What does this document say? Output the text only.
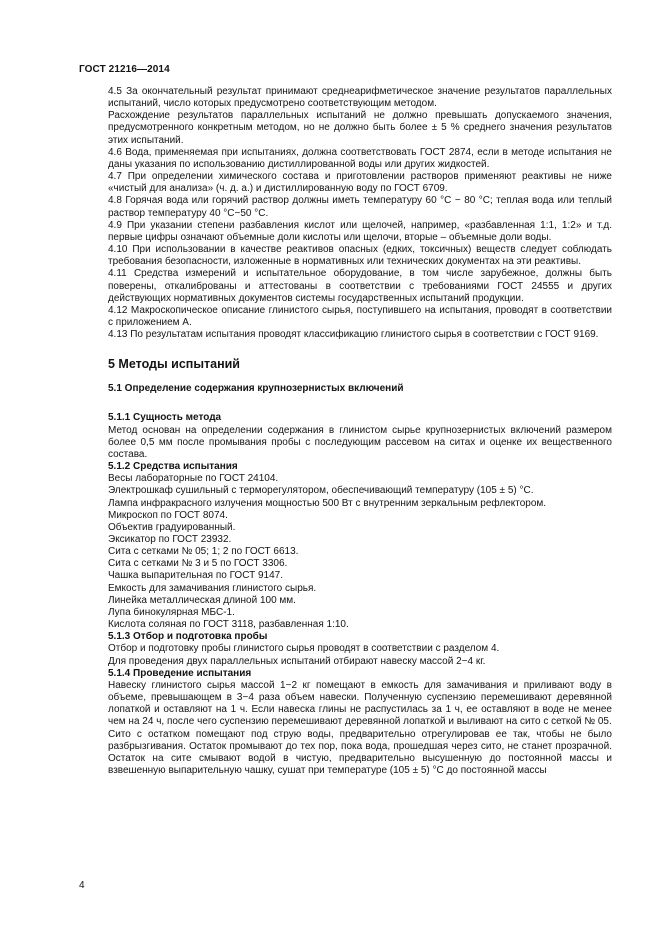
ГОСТ 21216—2014

4.5 За окончательный результат принимают среднеарифметическое значение результатов параллельных испытаний, число которых предусмотрено соответствующим методом.

Расхождение результатов параллельных испытаний не должно превышать допускаемого значения, предусмотренного конкретным методом, но не должно быть более ± 5 % среднего значения результатов этих испытаний.

4.6 Вода, применяемая при испытаниях, должна соответствовать ГОСТ 2874, если в методе испытания не даны указания по использованию дистиллированной воды или других жидкостей.

4.7 При определении химического состава и приготовлении растворов применяют реактивы не ниже «чистый для анализа» (ч. д. а.) и дистиллированную воду по ГОСТ 6709.

4.8 Горячая вода или горячий раствор должны иметь температуру 60 °С − 80 °С; теплая вода или теплый раствор температуру 40 °С−50 °С.

4.9 При указании степени разбавления кислот или щелочей, например, «разбавленная 1:1, 1:2» и т.д. первые цифры означают объемные доли кислоты или щелочи, вторые – объемные доли воды.

4.10 При использовании в качестве реактивов опасных (едких, токсичных) веществ следует соблюдать требования безопасности, изложенные в нормативных или технических документах на эти реактивы.

4.11 Средства измерений и испытательное оборудование, в том числе зарубежное, должны быть поверены, откалиброваны и аттестованы в соответствии с требованиями ГОСТ 24555 и других действующих нормативных документов системы государственных испытаний продукции.

4.12 Макроскопическое описание глинистого сырья, поступившего на испытания, проводят в соответствии с приложением А.

4.13 По результатам испытания проводят классификацию глинистого сырья в соответствии с ГОСТ 9169.

5 Методы испытаний
5.1 Определение содержания крупнозернистых включений
5.1.1 Сущность метода

Метод основан на определении содержания в глинистом сырье крупнозернистых включений размером более 0,5 мм после промывания пробы с последующим рассевом на ситах и оценке их вещественного состава.

5.1.2 Средства испытания
Весы лабораторные по ГОСТ 24104.
Электрошкаф сушильный с терморегулятором, обеспечивающий температуру (105 ± 5) °С.
Лампа инфракрасного излучения мощностью 500 Вт с внутренним зеркальным рефлектором.
Микроскоп по ГОСТ 8074.
Объектив градуированный.
Эксикатор по ГОСТ 23932.
Сита с сетками № 05; 1; 2 по ГОСТ 6613.
Сита с сетками № 3 и 5 по ГОСТ 3306.
Чашка выпарительная по ГОСТ 9147.
Емкость для замачивания глинистого сырья.
Линейка металлическая длиной 100 мм.
Лупа бинокулярная МБС-1.
Кислота соляная по ГОСТ 3118, разбавленная 1:10.
5.1.3 Отбор и подготовка пробы
Отбор и подготовку пробы глинистого сырья проводят в соответствии с разделом 4.
Для проведения двух параллельных испытаний отбирают навеску массой 2−4 кг.
5.1.4 Проведение испытания

Навеску глинистого сырья массой 1−2 кг помещают в емкость для замачивания и приливают воду в объеме, превышающем в 3−4 раза объем навески. Полученную суспензию перемешивают деревянной лопаткой и оставляют на 1 ч. Если навеска глины не распустилась за 1 ч, ее оставляют в воде не менее чем на 24 ч, после чего суспензию перемешивают деревянной лопаткой и выливают на сито с сеткой № 05.

Сито с остатком помещают под струю воды, предварительно отрегулировав ее так, чтобы не было разбрызгивания. Остаток промывают до тех пор, пока вода, прошедшая через сито, не станет прозрачной. Остаток на сите смывают водой в чистую, предварительно высушенную до постоянной массы и взвешенную выпарительную чашку, сушат при температуре (105 ± 5) °С до постоянной массы

4
